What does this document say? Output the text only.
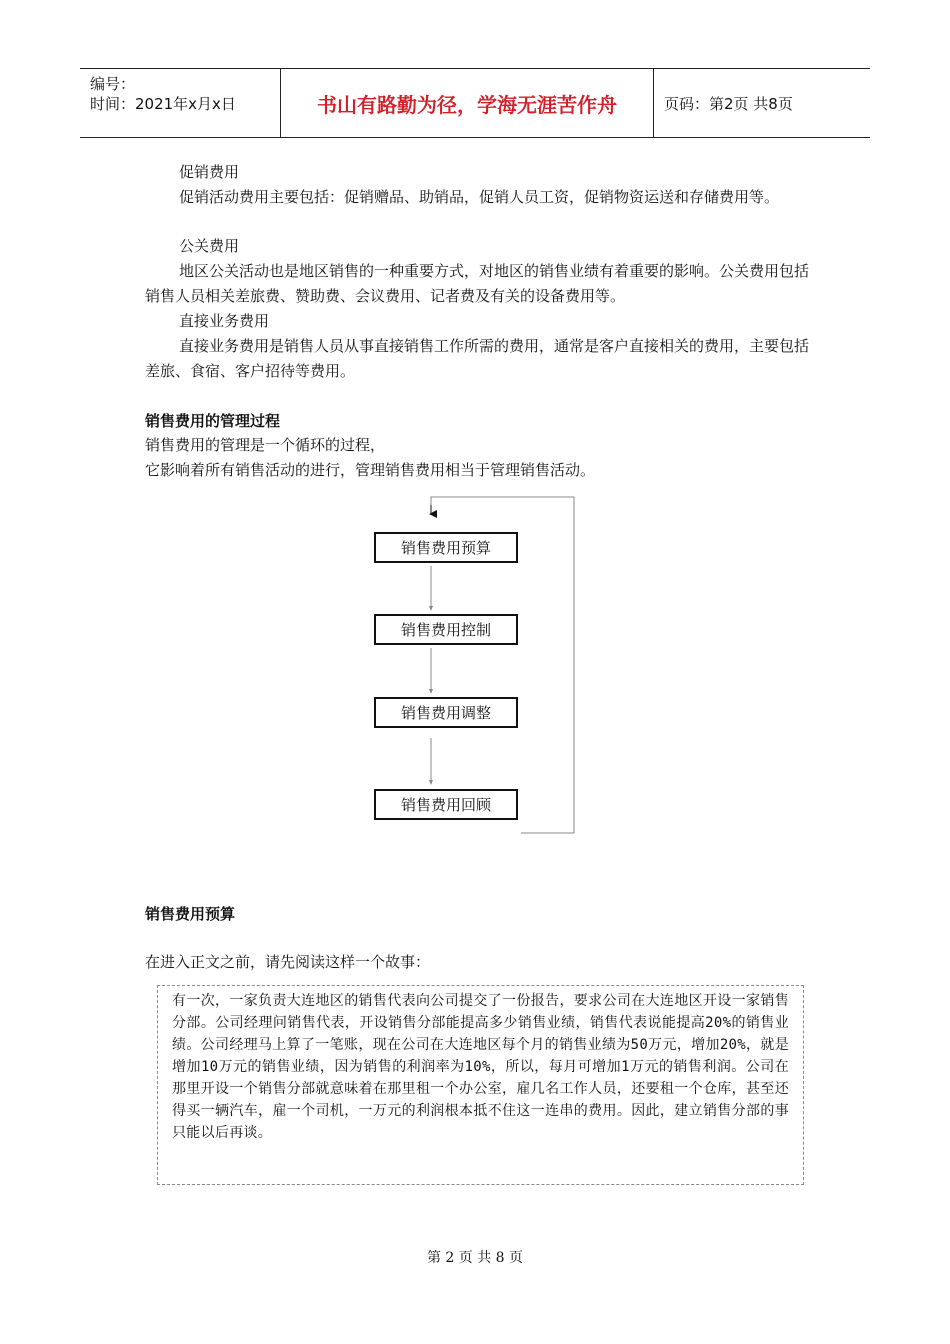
编号：
时间：2021年x月x日	书山有路勤为径，学海无涯苦作舟	页码：第2页 共8页

促销费用

促销活动费用主要包括：促销赠品、助销品，促销人员工资，促销物资运送和存储费用等。

公关费用

地区公关活动也是地区销售的一种重要方式，对地区的销售业绩有着重要的影响。公关费用包括销售人员相关差旅费、赞助费、会议费用、记者费及有关的设备费用等。

直接业务费用

直接业务费用是销售人员从事直接销售工作所需的费用，通常是客户直接相关的费用，主要包括差旅、食宿、客户招待等费用。

销售费用的管理过程

销售费用的管理是一个循环的过程，

它影响着所有销售活动的进行，管理销售费用相当于管理销售活动。

销售费用预算
销售费用控制
销售费用调整
销售费用回顾
销售费用预算

在进入正文之前，请先阅读这样一个故事：

有一次，一家负责大连地区的销售代表向公司提交了一份报告，要求公司在大连地区开设一家销售分部。公司经理问销售代表，开设销售分部能提高多少销售业绩，销售代表说能提高20%的销售业绩。公司经理马上算了一笔账，现在公司在大连地区每个月的销售业绩为50万元，增加20%，就是增加10万元的销售业绩，因为销售的利润率为10%，所以，每月可增加1万元的销售利润。公司在那里开设一个销售分部就意味着在那里租一个办公室，雇几名工作人员，还要租一个仓库，甚至还得买一辆汽车，雇一个司机，一万元的利润根本抵不住这一连串的费用。因此，建立销售分部的事只能以后再谈。

第 2 页 共 8 页
